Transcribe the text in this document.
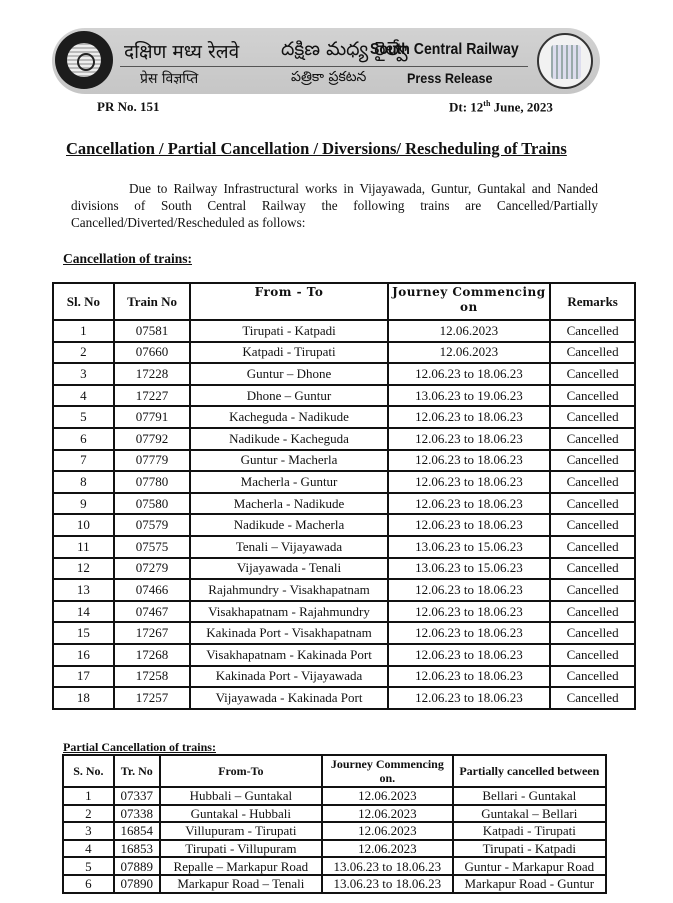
दक्षिण मध्य रेलवे దక్షిణ మధ్య రైల్వే
South Central Railway
प्रेस विज्ञप्ति	పత్రికా ప్రకటన	Press Release
PR No. 151	Dt: 12th June, 2023
Cancellation / Partial Cancellation / Diversions/ Rescheduling of Trains
Due to Railway Infrastructural works in Vijayawada, Guntur, Guntakal and Nanded divisions of South Central Railway the following trains are Cancelled/Partially Cancelled/Diverted/Rescheduled as follows:
Cancellation of trains:
Sl. No	Train No	From - To	Journey Commencing on	Remarks
1	07581	Tirupati - Katpadi	12.06.2023	Cancelled
2	07660	Katpadi - Tirupati	12.06.2023	Cancelled
3	17228	Guntur – Dhone	12.06.23 to 18.06.23	Cancelled
4	17227	Dhone – Guntur	13.06.23 to 19.06.23	Cancelled
5	07791	Kacheguda - Nadikude	12.06.23 to 18.06.23	Cancelled
6	07792	Nadikude - Kacheguda	12.06.23 to 18.06.23	Cancelled
7	07779	Guntur - Macherla	12.06.23 to 18.06.23	Cancelled
8	07780	Macherla - Guntur	12.06.23 to 18.06.23	Cancelled
9	07580	Macherla - Nadikude	12.06.23 to 18.06.23	Cancelled
10	07579	Nadikude - Macherla	12.06.23 to 18.06.23	Cancelled
11	07575	Tenali – Vijayawada	13.06.23 to 15.06.23	Cancelled
12	07279	Vijayawada - Tenali	13.06.23 to 15.06.23	Cancelled
13	07466	Rajahmundry - Visakhapatnam	12.06.23 to 18.06.23	Cancelled
14	07467	Visakhapatnam - Rajahmundry	12.06.23 to 18.06.23	Cancelled
15	17267	Kakinada Port - Visakhapatnam	12.06.23 to 18.06.23	Cancelled
16	17268	Visakhapatnam - Kakinada Port	12.06.23 to 18.06.23	Cancelled
17	17258	Kakinada Port - Vijayawada	12.06.23 to 18.06.23	Cancelled
18	17257	Vijayawada - Kakinada Port	12.06.23 to 18.06.23	Cancelled
Partial Cancellation of trains:
S. No.	Tr. No	From-To	Journey Commencing on.	Partially cancelled between
1	07337	Hubbali – Guntakal	12.06.2023	Bellari - Guntakal
2	07338	Guntakal - Hubbali	12.06.2023	Guntakal – Bellari
3	16854	Villupuram - Tirupati	12.06.2023	Katpadi - Tirupati
4	16853	Tirupati - Villupuram	12.06.2023	Tirupati - Katpadi
5	07889	Repalle – Markapur Road	13.06.23 to 18.06.23	Guntur - Markapur Road
6	07890	Markapur Road – Tenali	13.06.23 to 18.06.23	Markapur Road - Guntur
